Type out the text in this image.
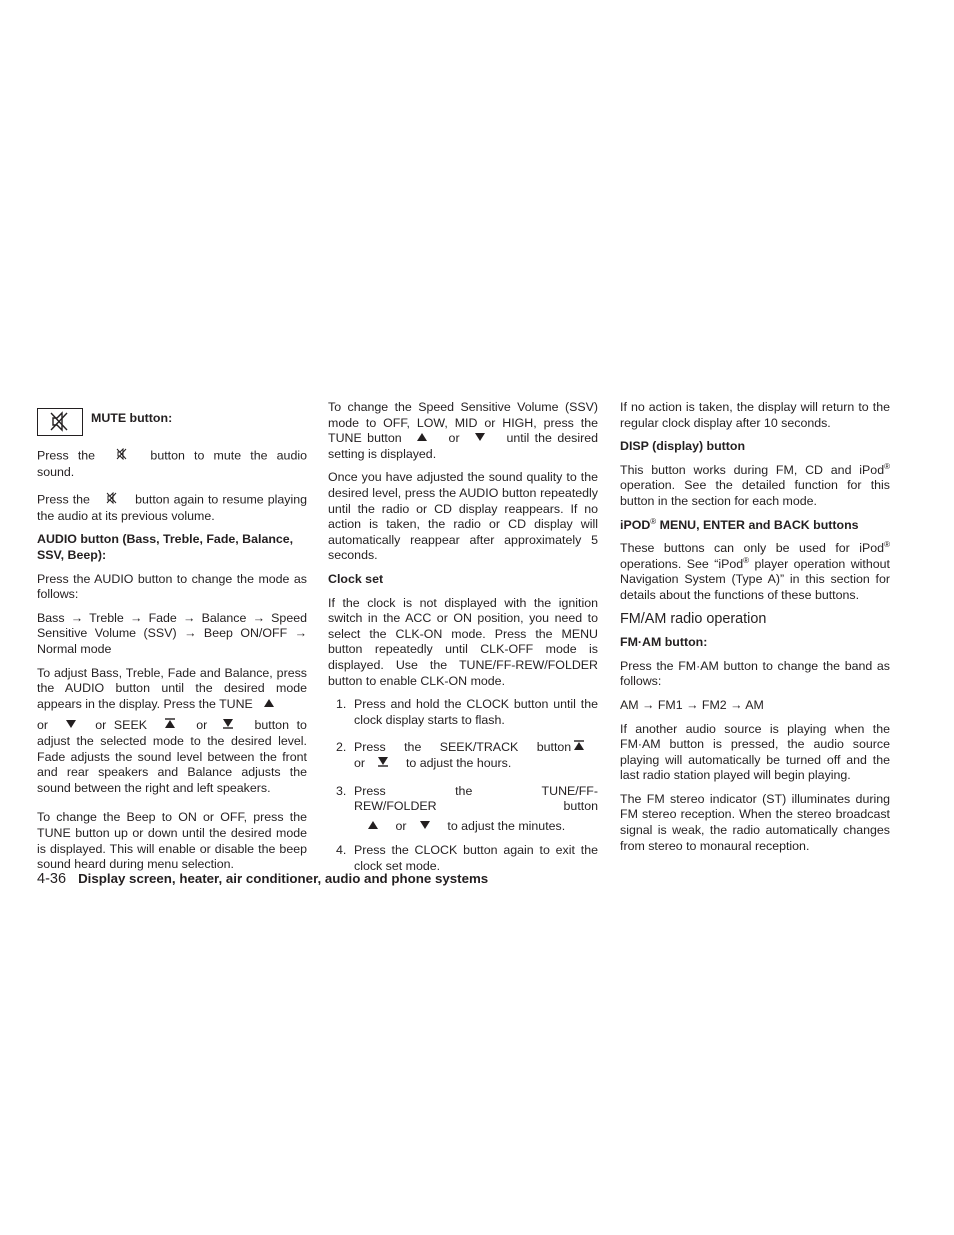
MUTE button:

Press the	button to mute the audio sound.

Press the	button again to resume playing the audio at its previous volume.

AUDIO button (Bass, Treble, Fade, Balance, SSV, Beep):

Press the AUDIO button to change the mode as follows:

Bass → Treble → Fade → Balance → Speed Sensitive Volume (SSV) → Beep ON/OFF → Normal mode

To adjust Bass, Treble, Fade and Balance, press the AUDIO button until the desired mode appears in the display. Press the TUNE
or	or SEEK	or	button to adjust the selected mode to the desired level. Fade adjusts the sound level between the front and rear speakers and Balance adjusts the sound between the right and left speakers.

To change the Beep to ON or OFF, press the TUNE button up or down until the desired mode is displayed. This will enable or disable the beep sound heard during menu selection.

To change the Speed Sensitive Volume (SSV) mode to OFF, LOW, MID or HIGH, press the TUNE button	or	until the desired setting is displayed.

Once you have adjusted the sound quality to the desired level, press the AUDIO button repeatedly until the radio or CD display reappears. If no action is taken, the radio or CD display will automatically reappear after approximately 5 seconds.

Clock set

If the clock is not displayed with the ignition switch in the ACC or ON position, you need to select the CLK-ON mode. Press the MENU button repeatedly until CLK-OFF mode is displayed. Use the TUNE/FF-REW/FOLDER button to enable CLK-ON mode.

1. Press and hold the CLOCK button until the clock display starts to flash.
2. Press the SEEK/TRACK button
or	to adjust the hours.
3. Press the TUNE/FF-REW/FOLDER button
or	to adjust the minutes.
4. Press the CLOCK button again to exit the clock set mode.

If no action is taken, the display will return to the regular clock display after 10 seconds.

DISP (display) button

This button works during FM, CD and iPod® operation. See the detailed function for this button in the section for each mode.

iPOD® MENU, ENTER and BACK buttons

These buttons can only be used for iPod® operations. See “iPod® player operation without Navigation System (Type A)” in this section for details about the functions of these buttons.

FM/AM radio operation
FM·AM button:

Press the FM·AM button to change the band as follows:

AM → FM1 → FM2 → AM

If another audio source is playing when the FM·AM button is pressed, the audio source playing will automatically be turned off and the last radio station played will begin playing.

The FM stereo indicator (ST) illuminates during FM stereo reception. When the stereo broadcast signal is weak, the radio automatically changes from stereo to monaural reception.

4-36 Display screen, heater, air conditioner, audio and phone systems
